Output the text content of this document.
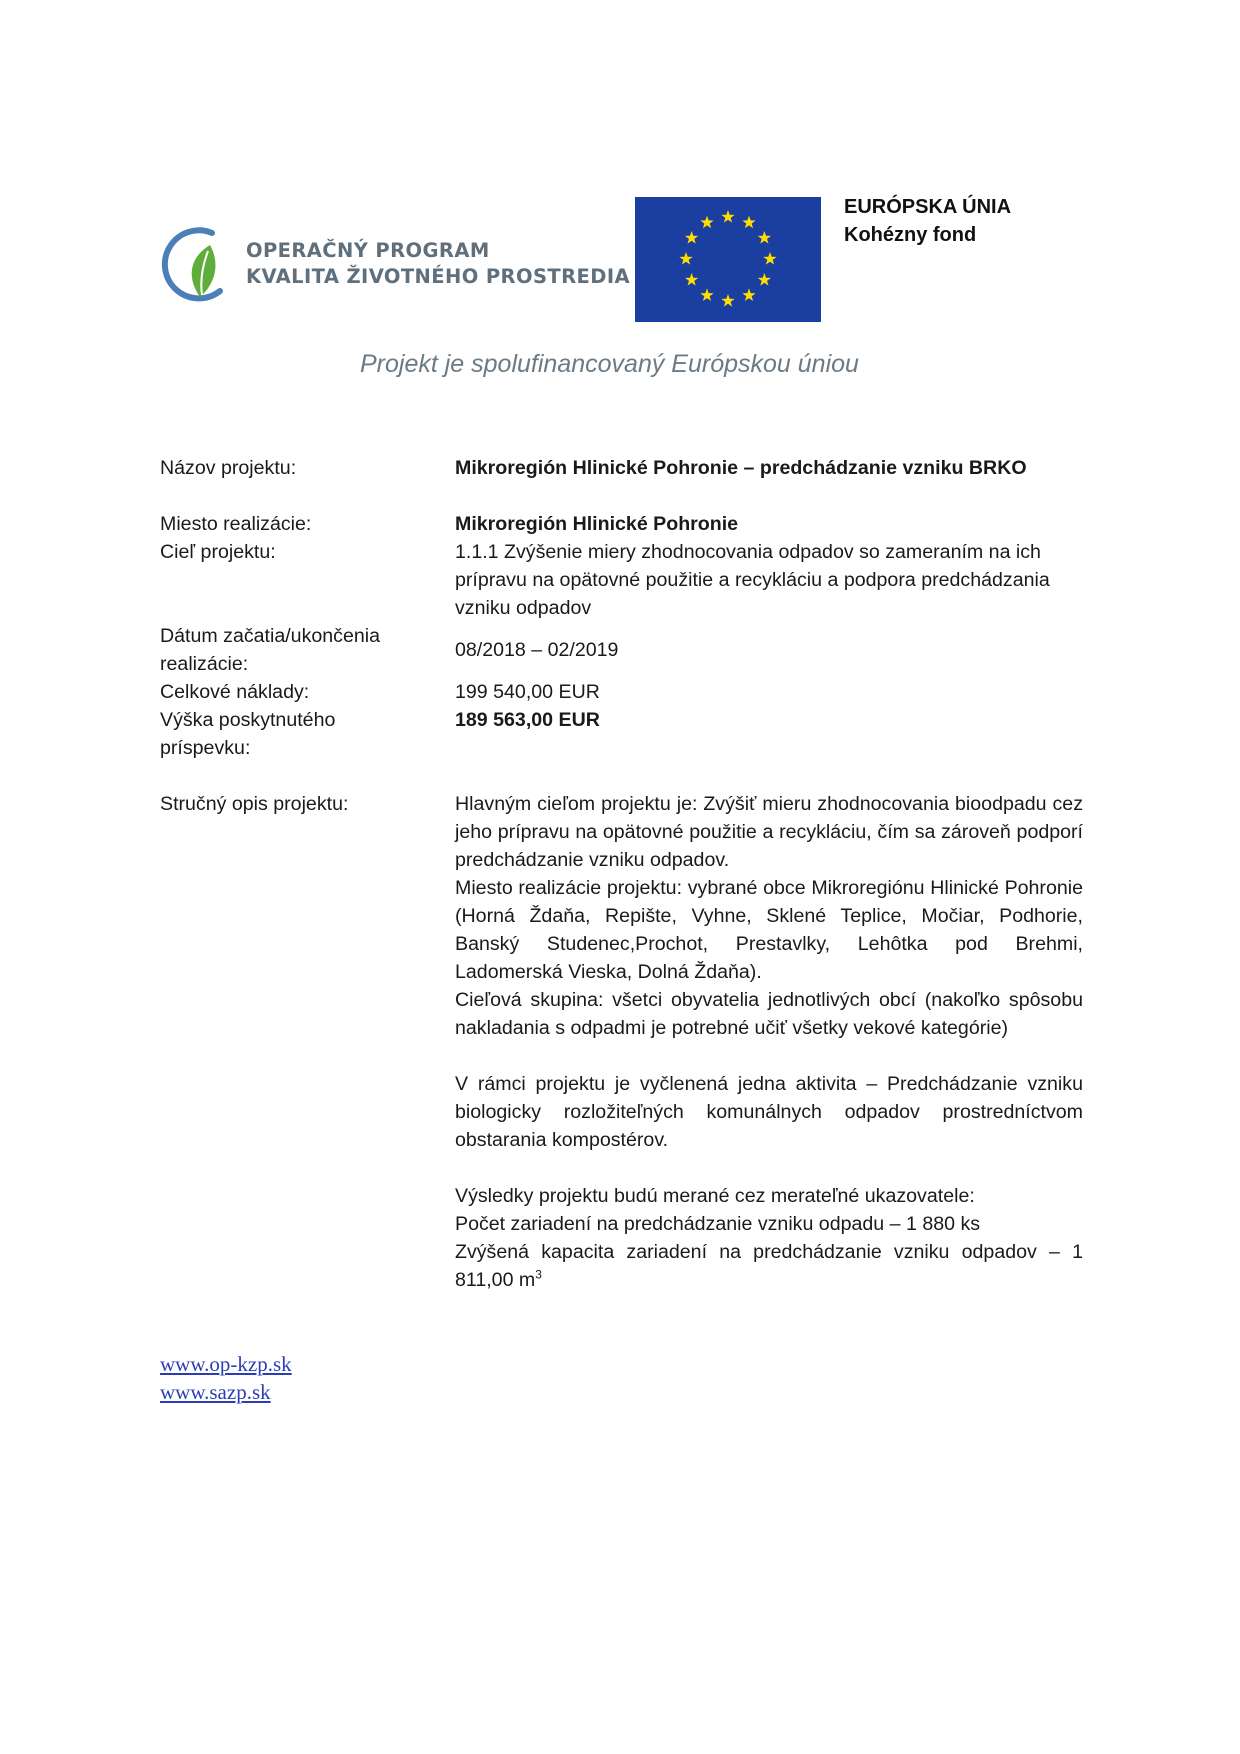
OPERAČNÝ PROGRAM
KVALITA ŽIVOTNÉHO PROSTREDIA
EURÓPSKA ÚNIA
Kohézny fond
Projekt je spolufinancovaný Európskou úniou
Názov projektu:	Mikroregión Hlinické Pohronie – predchádzanie vzniku BRKO
Miesto realizácie:	Mikroregión Hlinické Pohronie
Cieľ projektu:	1.1.1 Zvýšenie miery zhodnocovania odpadov so zameraním na ich prípravu na opätovné použitie a recykláciu a podpora predchádzania vzniku odpadov
Dátum začatia/ukončenia realizácie:
08/2018 – 02/2019
Celkové náklady:	199 540,00 EUR
Výška poskytnutého príspevku:
189 563,00 EUR
Stručný opis projektu:	Hlavným cieľom projektu je: Zvýšiť mieru zhodnocovania bioodpadu cez jeho prípravu na opätovné použitie a recykláciu, čím sa zároveň podporí predchádzanie vzniku odpadov.
Miesto realizácie projektu: vybrané obce Mikroregiónu Hlinické Pohronie (Horná Ždaňa, Repište, Vyhne, Sklené Teplice, Močiar, Podhorie, Banský Studenec,Prochot, Prestavlky, Lehôtka pod Brehmi, Ladomerská Vieska, Dolná Ždaňa).
Cieľová skupina: všetci obyvatelia jednotlivých obcí (nakoľko spôsobu nakladania s odpadmi je potrebné učiť všetky vekové kategórie)
V rámci projektu je vyčlenená jedna aktivita – Predchádzanie vzniku biologicky rozložiteľných komunálnych odpadov prostredníctvom obstarania kompostérov.
Výsledky projektu budú merané cez merateľné ukazovatele:
Počet zariadení na predchádzanie vzniku odpadu – 1 880 ks
Zvýšená kapacita zariadení na predchádzanie vzniku odpadov – 1 811,00 $m^3$
www.op-kzp.sk
www.sazp.sk
